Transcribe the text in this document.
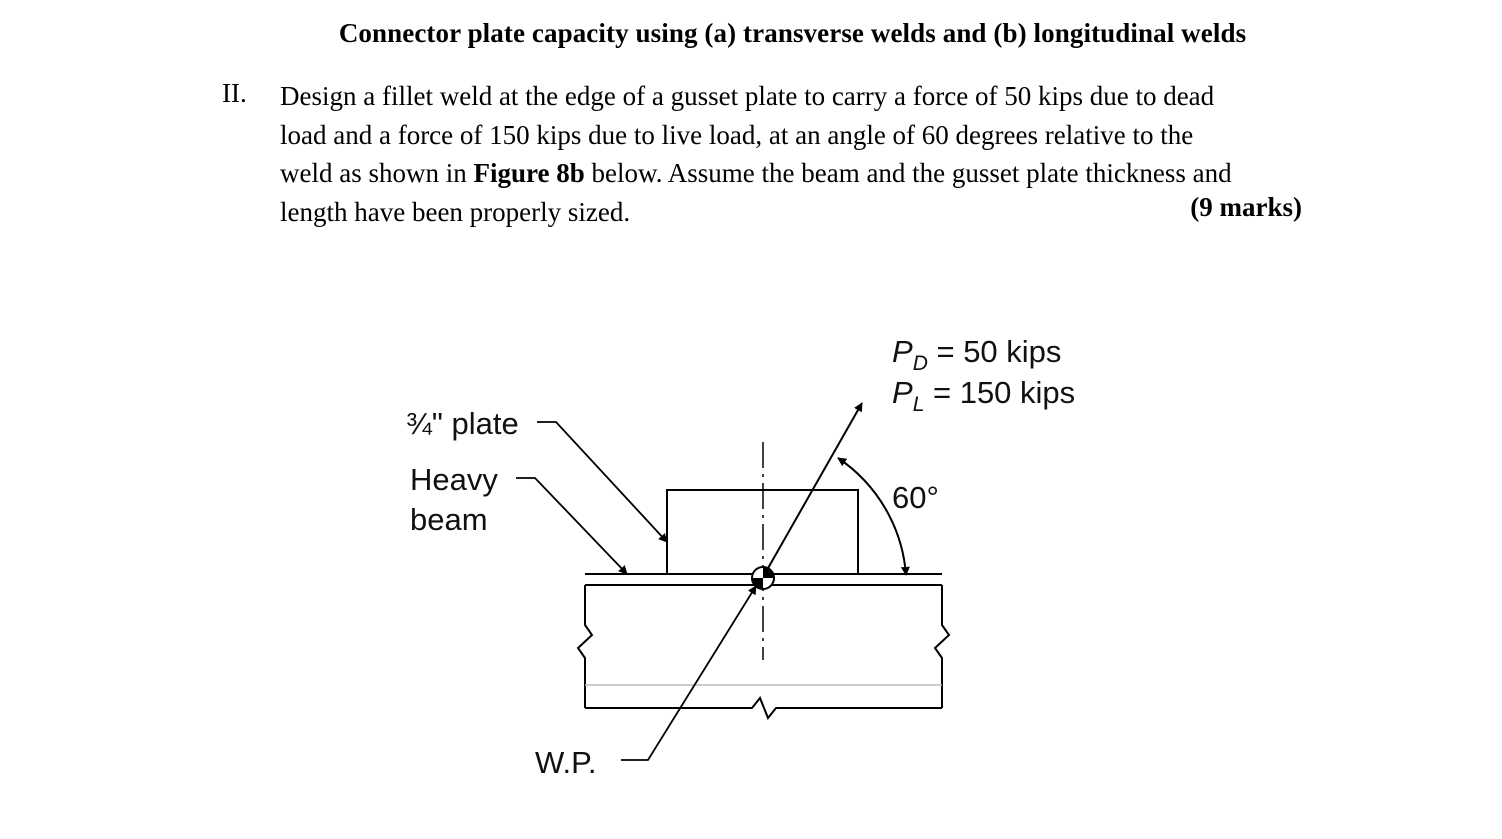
Connector plate capacity using (a) transverse welds and (b) longitudinal welds
II. Design a fillet weld at the edge of a gusset plate to carry a force of 50 kips due to dead
load and a force of 150 kips due to live load, at an angle of 60 degrees relative to the
weld as shown in Figure 8b below. Assume the beam and the gusset plate thickness and
length have been properly sized.	(9 marks)
¾" plate
Heavy
beam
$P_D = 50$ kips
$P_L = 150$ kips
60°
W.P.
